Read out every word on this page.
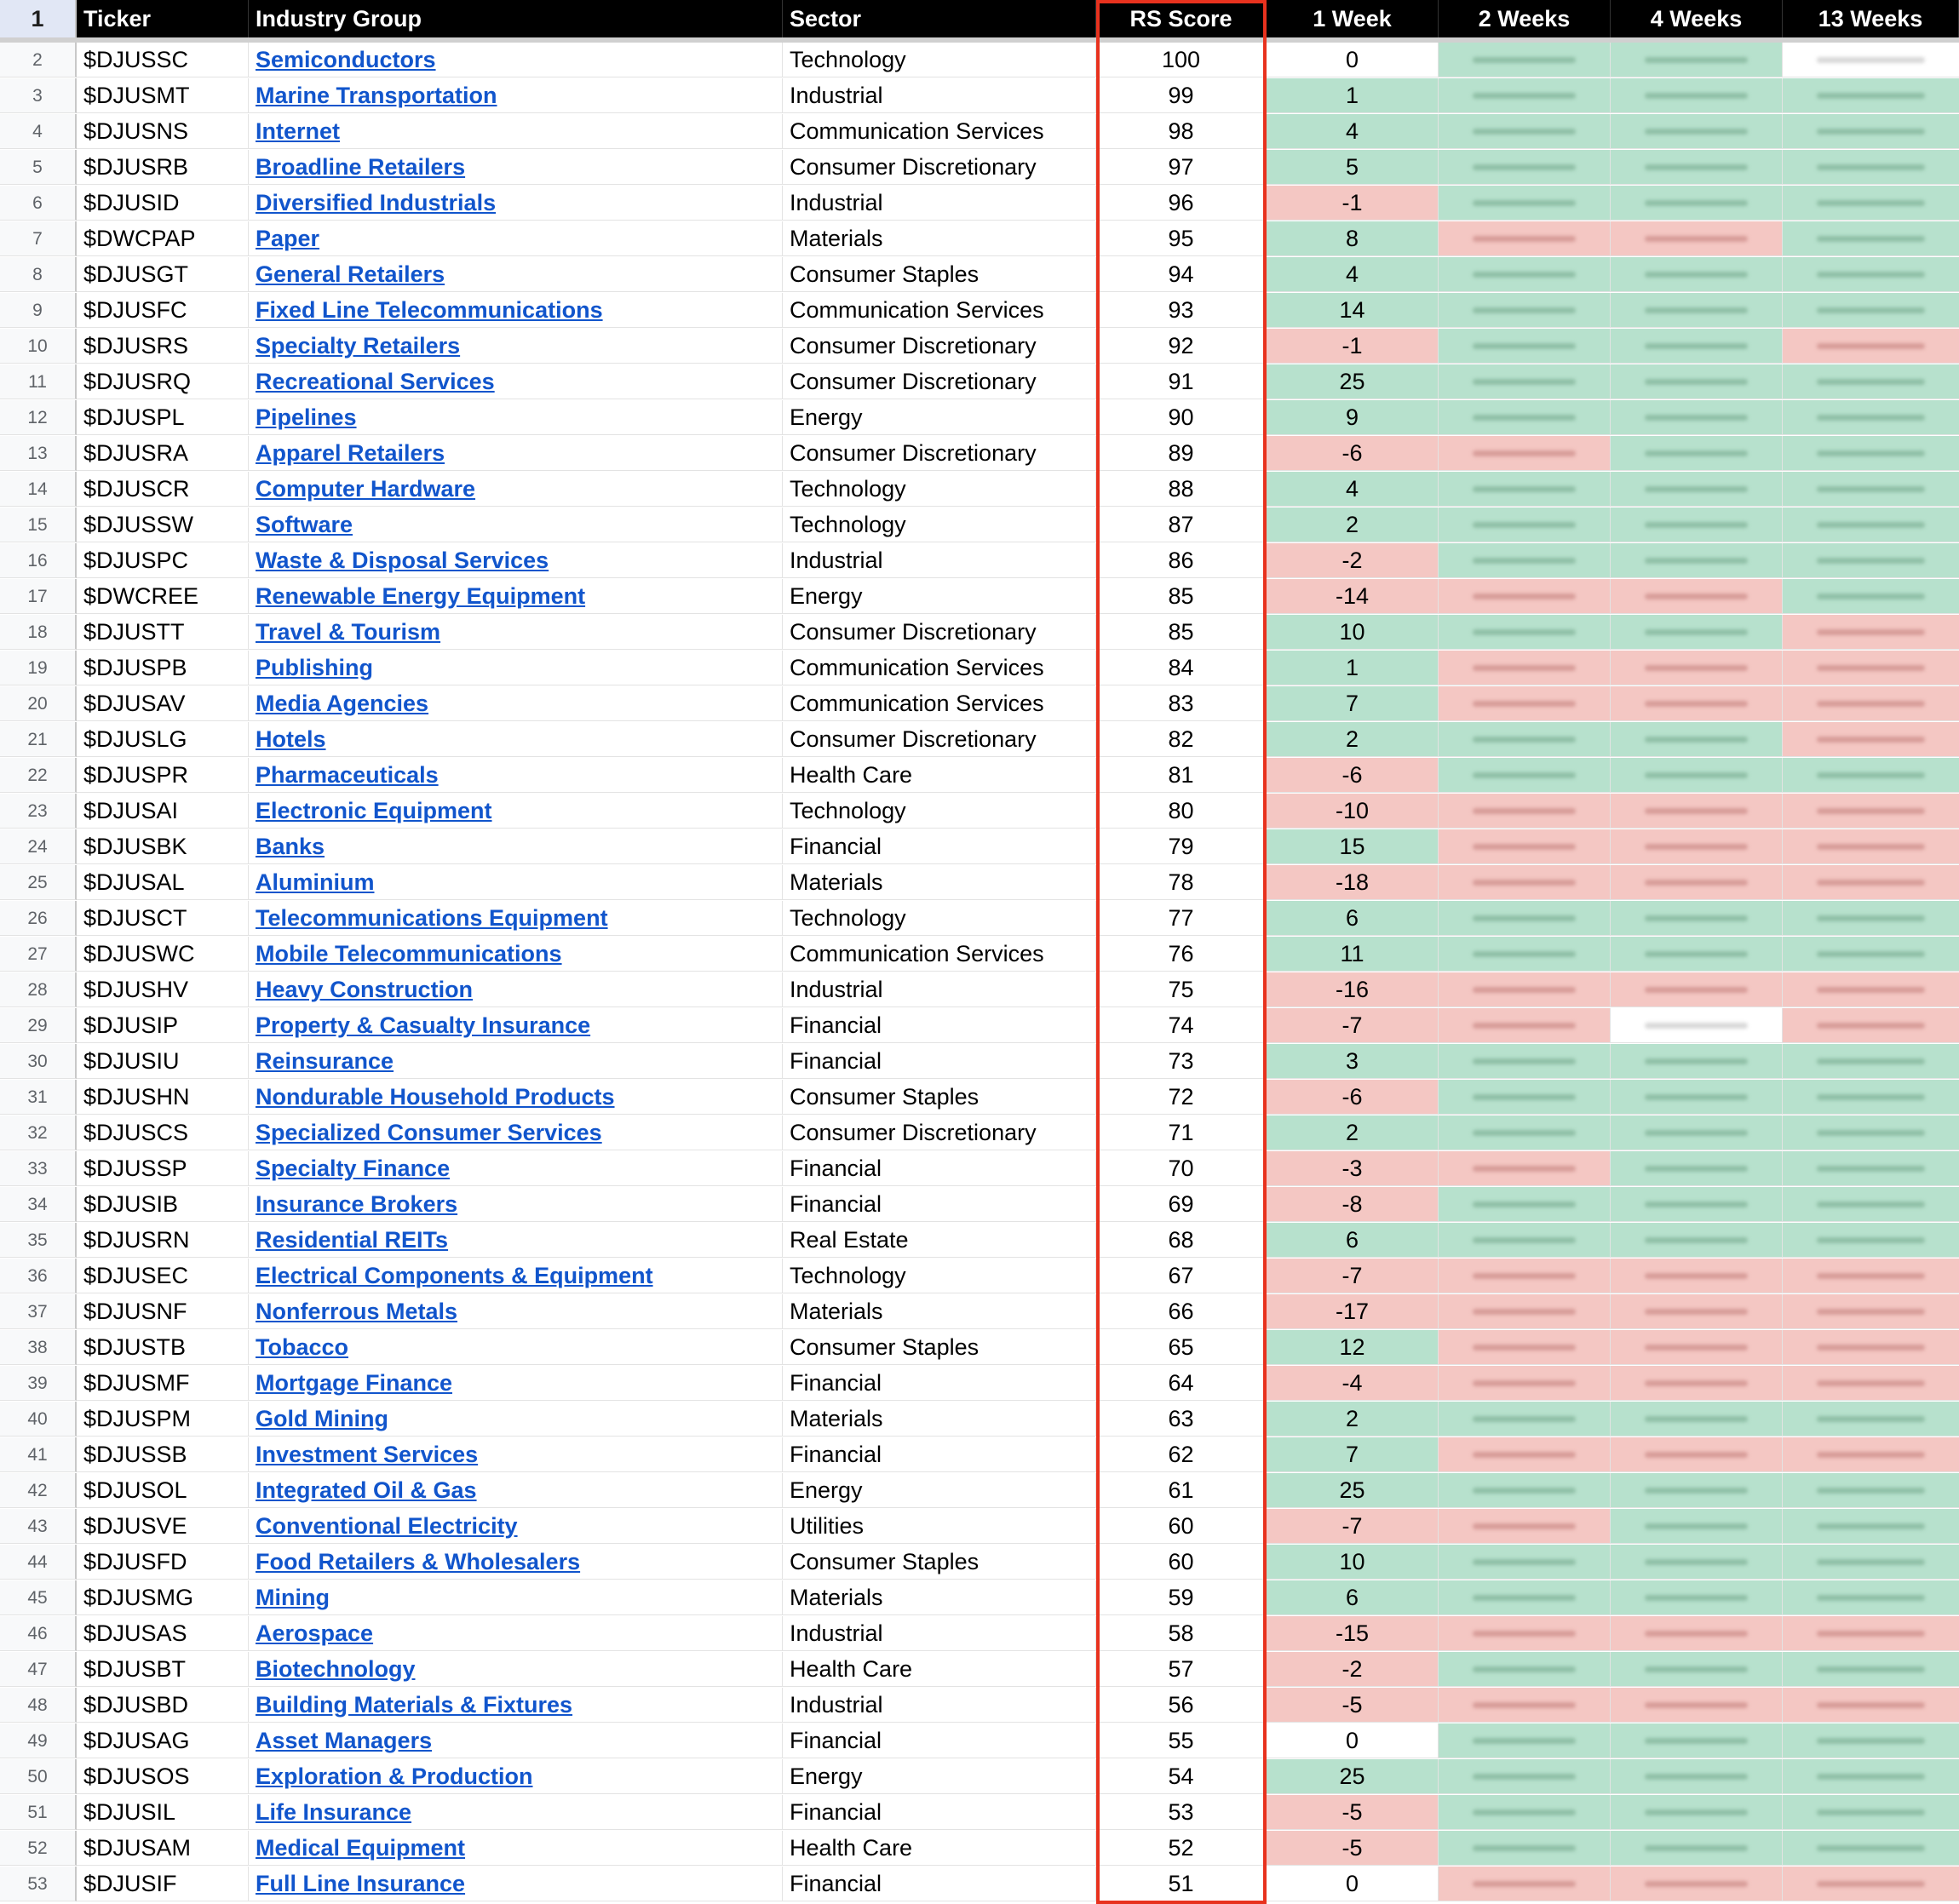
1	Ticker	Industry Group	Sector	RS Score	1 Week	2 Weeks	4 Weeks	13 Weeks
2	$DJUSSC	Semiconductors	Technology	100	0
3	$DJUSMT	Marine Transportation	Industrial	99	1
4	$DJUSNS	Internet	Communication Services	98	4
5	$DJUSRB	Broadline Retailers	Consumer Discretionary	97	5
6	$DJUSID	Diversified Industrials	Industrial	96	-1
7	$DWCPAP	Paper	Materials	95	8
8	$DJUSGT	General Retailers	Consumer Staples	94	4
9	$DJUSFC	Fixed Line Telecommunications	Communication Services	93	14
10	$DJUSRS	Specialty Retailers	Consumer Discretionary	92	-1
11	$DJUSRQ	Recreational Services	Consumer Discretionary	91	25
12	$DJUSPL	Pipelines	Energy	90	9
13	$DJUSRA	Apparel Retailers	Consumer Discretionary	89	-6
14	$DJUSCR	Computer Hardware	Technology	88	4
15	$DJUSSW	Software	Technology	87	2
16	$DJUSPC	Waste & Disposal Services	Industrial	86	-2
17	$DWCREE	Renewable Energy Equipment	Energy	85	-14
18	$DJUSTT	Travel & Tourism	Consumer Discretionary	85	10
19	$DJUSPB	Publishing	Communication Services	84	1
20	$DJUSAV	Media Agencies	Communication Services	83	7
21	$DJUSLG	Hotels	Consumer Discretionary	82	2
22	$DJUSPR	Pharmaceuticals	Health Care	81	-6
23	$DJUSAI	Electronic Equipment	Technology	80	-10
24	$DJUSBK	Banks	Financial	79	15
25	$DJUSAL	Aluminium	Materials	78	-18
26	$DJUSCT	Telecommunications Equipment	Technology	77	6
27	$DJUSWC	Mobile Telecommunications	Communication Services	76	11
28	$DJUSHV	Heavy Construction	Industrial	75	-16
29	$DJUSIP	Property & Casualty Insurance	Financial	74	-7
30	$DJUSIU	Reinsurance	Financial	73	3
31	$DJUSHN	Nondurable Household Products	Consumer Staples	72	-6
32	$DJUSCS	Specialized Consumer Services	Consumer Discretionary	71	2
33	$DJUSSP	Specialty Finance	Financial	70	-3
34	$DJUSIB	Insurance Brokers	Financial	69	-8
35	$DJUSRN	Residential REITs	Real Estate	68	6
36	$DJUSEC	Electrical Components & Equipment	Technology	67	-7
37	$DJUSNF	Nonferrous Metals	Materials	66	-17
38	$DJUSTB	Tobacco	Consumer Staples	65	12
39	$DJUSMF	Mortgage Finance	Financial	64	-4
40	$DJUSPM	Gold Mining	Materials	63	2
41	$DJUSSB	Investment Services	Financial	62	7
42	$DJUSOL	Integrated Oil & Gas	Energy	61	25
43	$DJUSVE	Conventional Electricity	Utilities	60	-7
44	$DJUSFD	Food Retailers & Wholesalers	Consumer Staples	60	10
45	$DJUSMG	Mining	Materials	59	6
46	$DJUSAS	Aerospace	Industrial	58	-15
47	$DJUSBT	Biotechnology	Health Care	57	-2
48	$DJUSBD	Building Materials & Fixtures	Industrial	56	-5
49	$DJUSAG	Asset Managers	Financial	55	0
50	$DJUSOS	Exploration & Production	Energy	54	25
51	$DJUSIL	Life Insurance	Financial	53	-5
52	$DJUSAM	Medical Equipment	Health Care	52	-5
53	$DJUSIF	Full Line Insurance	Financial	51	0
